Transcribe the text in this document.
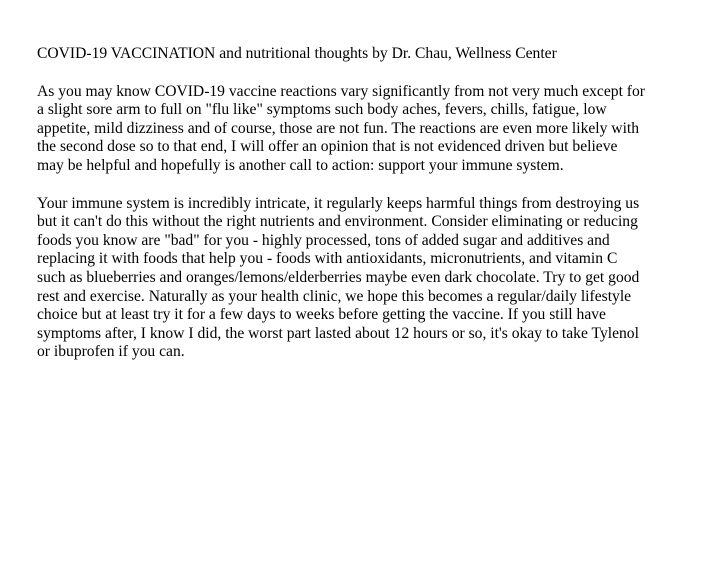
COVID-19 VACCINATION and nutritional thoughts by Dr. Chau, Wellness Center
As you may know COVID-19 vaccine reactions vary significantly from not very much except for
a slight sore arm to full on "flu like" symptoms such body aches, fevers, chills, fatigue, low
appetite, mild dizziness and of course, those are not fun. The reactions are even more likely with
the second dose so to that end, I will offer an opinion that is not evidenced driven but believe
may be helpful and hopefully is another call to action: support your immune system.
Your immune system is incredibly intricate, it regularly keeps harmful things from destroying us
but it can't do this without the right nutrients and environment. Consider eliminating or reducing
foods you know are "bad" for you - highly processed, tons of added sugar and additives and
replacing it with foods that help you - foods with antioxidants, micronutrients, and vitamin C
such as blueberries and oranges/lemons/elderberries maybe even dark chocolate. Try to get good
rest and exercise. Naturally as your health clinic, we hope this becomes a regular/daily lifestyle
choice but at least try it for a few days to weeks before getting the vaccine. If you still have
symptoms after, I know I did, the worst part lasted about 12 hours or so, it's okay to take Tylenol
or ibuprofen if you can.
